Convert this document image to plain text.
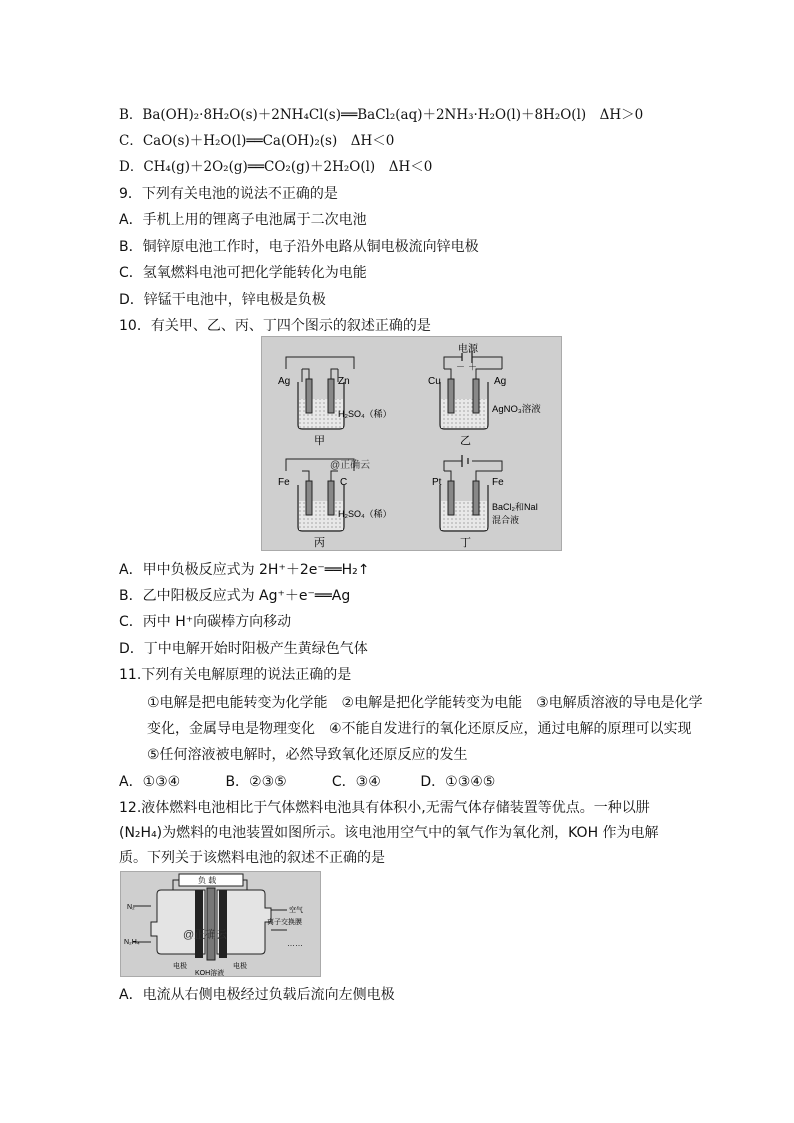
B．Ba(OH)₂·8H₂O(s)＋2NH₄Cl(s)══BaCl₂(aq)＋2NH₃·H₂O(l)＋8H₂O(l)　ΔH＞0
C．CaO(s)＋H₂O(l)══Ca(OH)₂(s)　ΔH＜0
D．CH₄(g)＋2O₂(g)══CO₂(g)＋2H₂O(l)　ΔH＜0
9．下列有关电池的说法不正确的是
A．手机上用的锂离子电池属于二次电池
B．铜锌原电池工作时，电子沿外电路从铜电极流向锌电极
C．氢氧燃料电池可把化学能转化为电能
D．锌锰干电池中，锌电极是负极
10．有关甲、乙、丙、丁四个图示的叙述正确的是
Ag	Zn
H₂SO₄（稀）
甲
电源
－ ＋
Cu	Ag
AgNO₃溶液
乙
@正确云
Fe	C
H₂SO₄（稀）
丙
Pt	Fe
BaCl₂和NaI
混合液
丁
A．甲中负极反应式为 2H⁺＋2e⁻══H₂↑
B．乙中阳极反应式为 Ag⁺＋e⁻══Ag
C．丙中 H⁺向碳棒方向移动
D．丁中电解开始时阳极产生黄绿色气体
11.下列有关电解原理的说法正确的是
①电解是把电能转变为化学能　②电解是把化学能转变为电能　③电解质溶液的导电是化学变化，金属导电是物理变化　④不能自发进行的氧化还原反应，通过电解的原理可以实现　⑤任何溶液被电解时，必然导致氧化还原反应的发生
A．①③④	B．②③⑤	C．③④	D．①③④⑤
12.液体燃料电池相比于气体燃料电池具有体积小,无需气体存储装置等优点。一种以肼(N₂H₄)为燃料的电池装置如图所示。该电池用空气中的氧气作为氧化剂，KOH 作为电解质。下列关于该燃料电池的叙述不正确的是
负 载
N₂
N₂H₄
空气
离子交换膜
……
@正确云
电极
KOH溶液
电极
A．电流从右侧电极经过负载后流向左侧电极
